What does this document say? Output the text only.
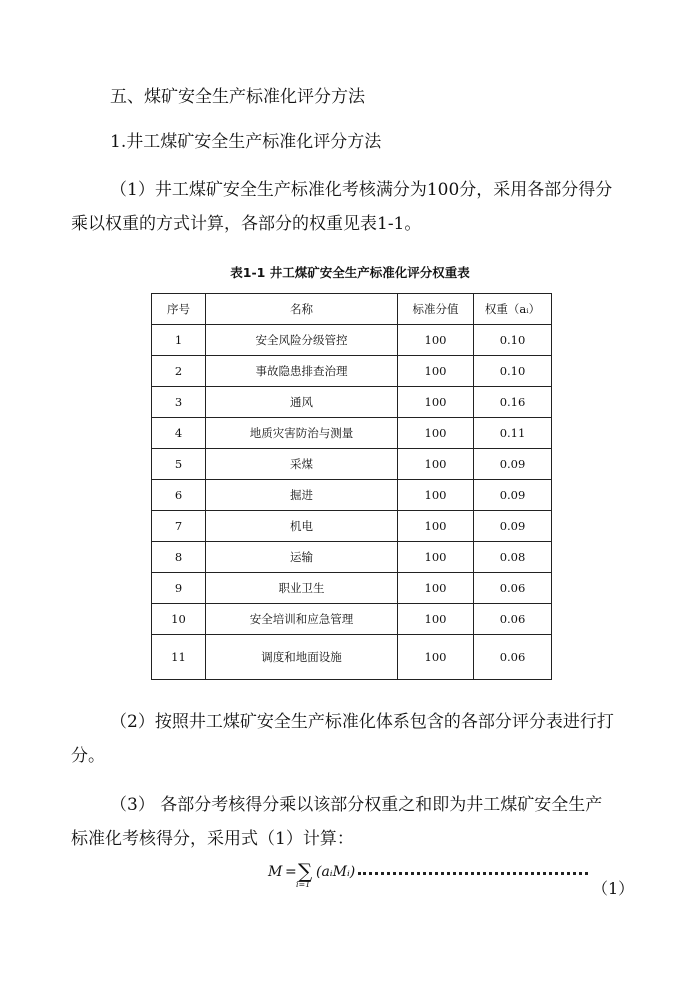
五、煤矿安全生产标准化评分方法

1.井工煤矿安全生产标准化评分方法

（1）井工煤矿安全生产标准化考核满分为100分，采用各部分得分

乘以权重的方式计算，各部分的权重见表1-1。

表1-1 井工煤矿安全生产标准化评分权重表
序号	名称	标准分值	权重（aᵢ）
1	安全风险分级管控	100	0.10
2	事故隐患排查治理	100	0.10
3	通风	100	0.16
4	地质灾害防治与测量	100	0.11
5	采煤	100	0.09
6	掘进	100	0.09
7	机电	100	0.09
8	运输	100	0.08
9	职业卫生	100	0.06
10	安全培训和应急管理	100	0.06
11	调度和地面设施	100	0.06

（2）按照井工煤矿安全生产标准化体系包含的各部分评分表进行打

分。

（3） 各部分考核得分乘以该部分权重之和即为井工煤矿安全生产

标准化考核得分，采用式（1）计算：

M = ∑
i=1
(aᵢMᵢ)
（1）
